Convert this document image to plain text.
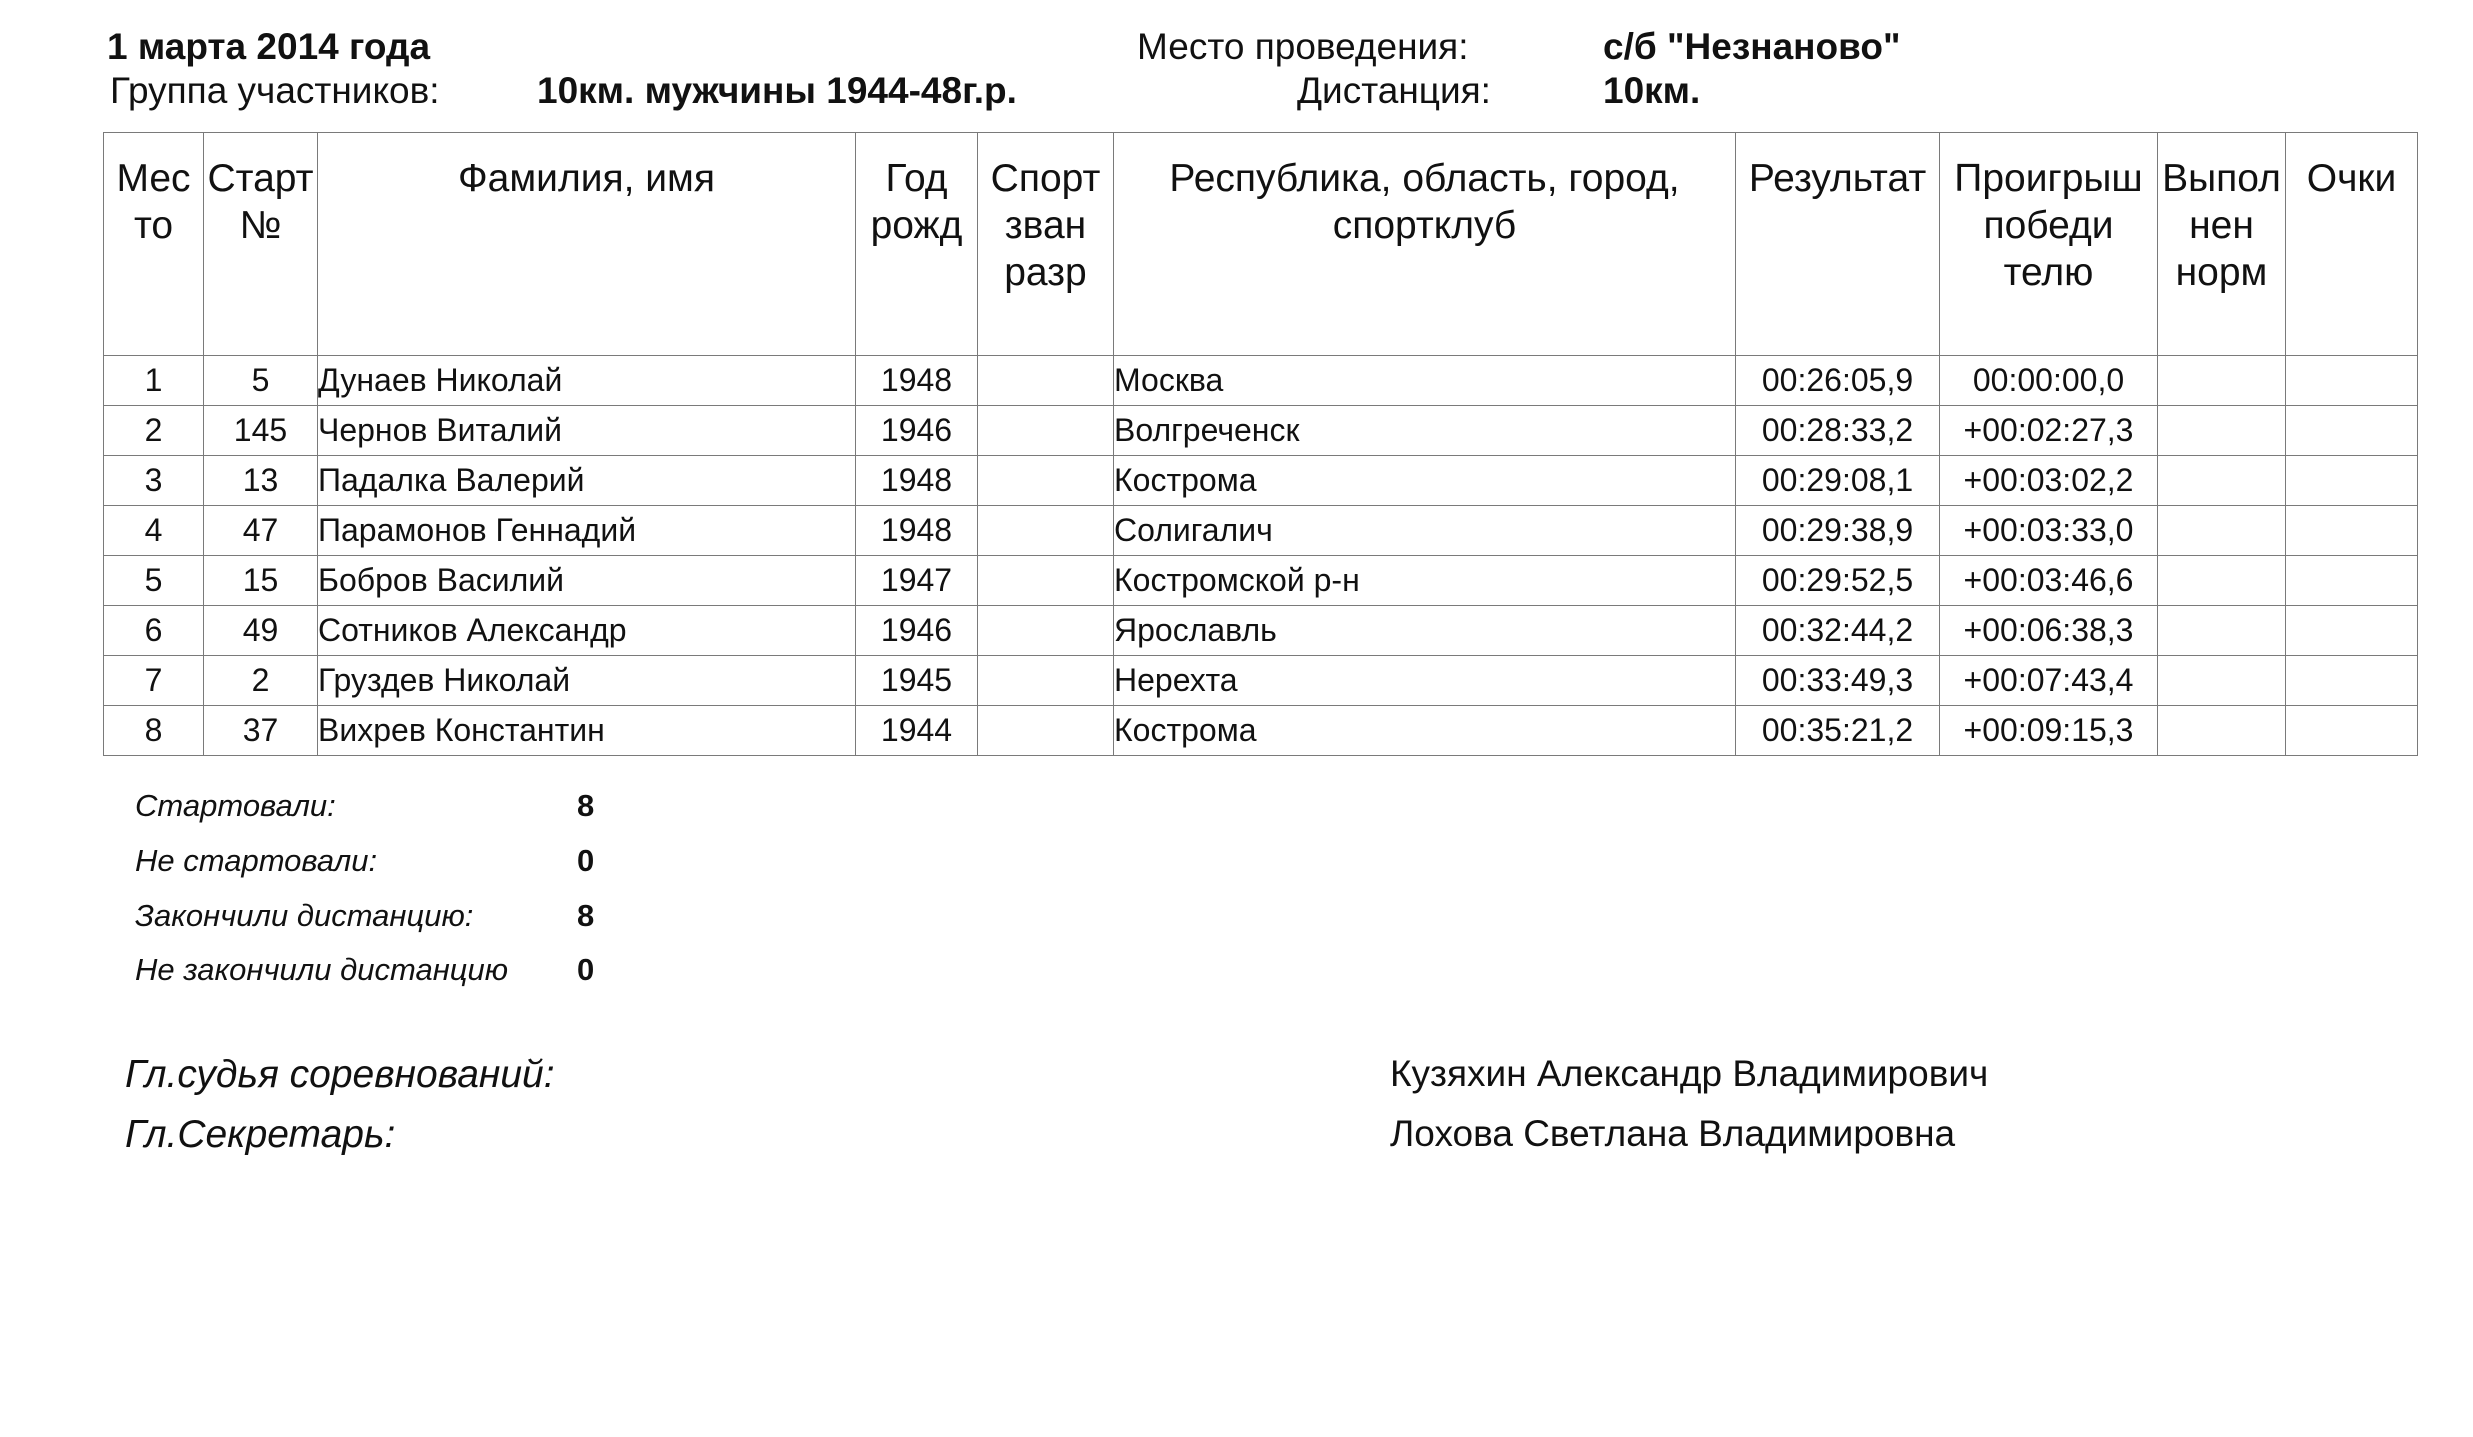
1 марта 2014 года	Место проведения:	с/б "Незнаново"
Группа участников:	10км. мужчины 1944-48г.р.	Дистанция:	10км.
Мес то	Старт №	Фамилия, имя	Год рожд	Спорт зван разр	Республика, область, город, спортклуб	Результат	Проигрыш победи телю	Выпол нен норм	Очки
1	5	Дунаев Николай	1948		Москва	00:26:05,9	00:00:00,0		
2	145	Чернов Виталий	1946		Волгреченск	00:28:33,2	+00:02:27,3		
3	13	Падалка Валерий	1948		Кострома	00:29:08,1	+00:03:02,2		
4	47	Парамонов Геннадий	1948		Солигалич	00:29:38,9	+00:03:33,0		
5	15	Бобров Василий	1947		Костромской р-н	00:29:52,5	+00:03:46,6		
6	49	Сотников Александр	1946		Ярославль	00:32:44,2	+00:06:38,3		
7	2	Груздев Николай	1945		Нерехта	00:33:49,3	+00:07:43,4		
8	37	Вихрев Константин	1944		Кострома	00:35:21,2	+00:09:15,3		
Стартовали:	8
Не стартовали:	0
Закончили дистанцию:	8
Не закончили дистанцию 0
Гл.судья соревнований:	Кузяхин Александр Владимирович
Гл.Секретарь:	Лохова Светлана Владимировна
